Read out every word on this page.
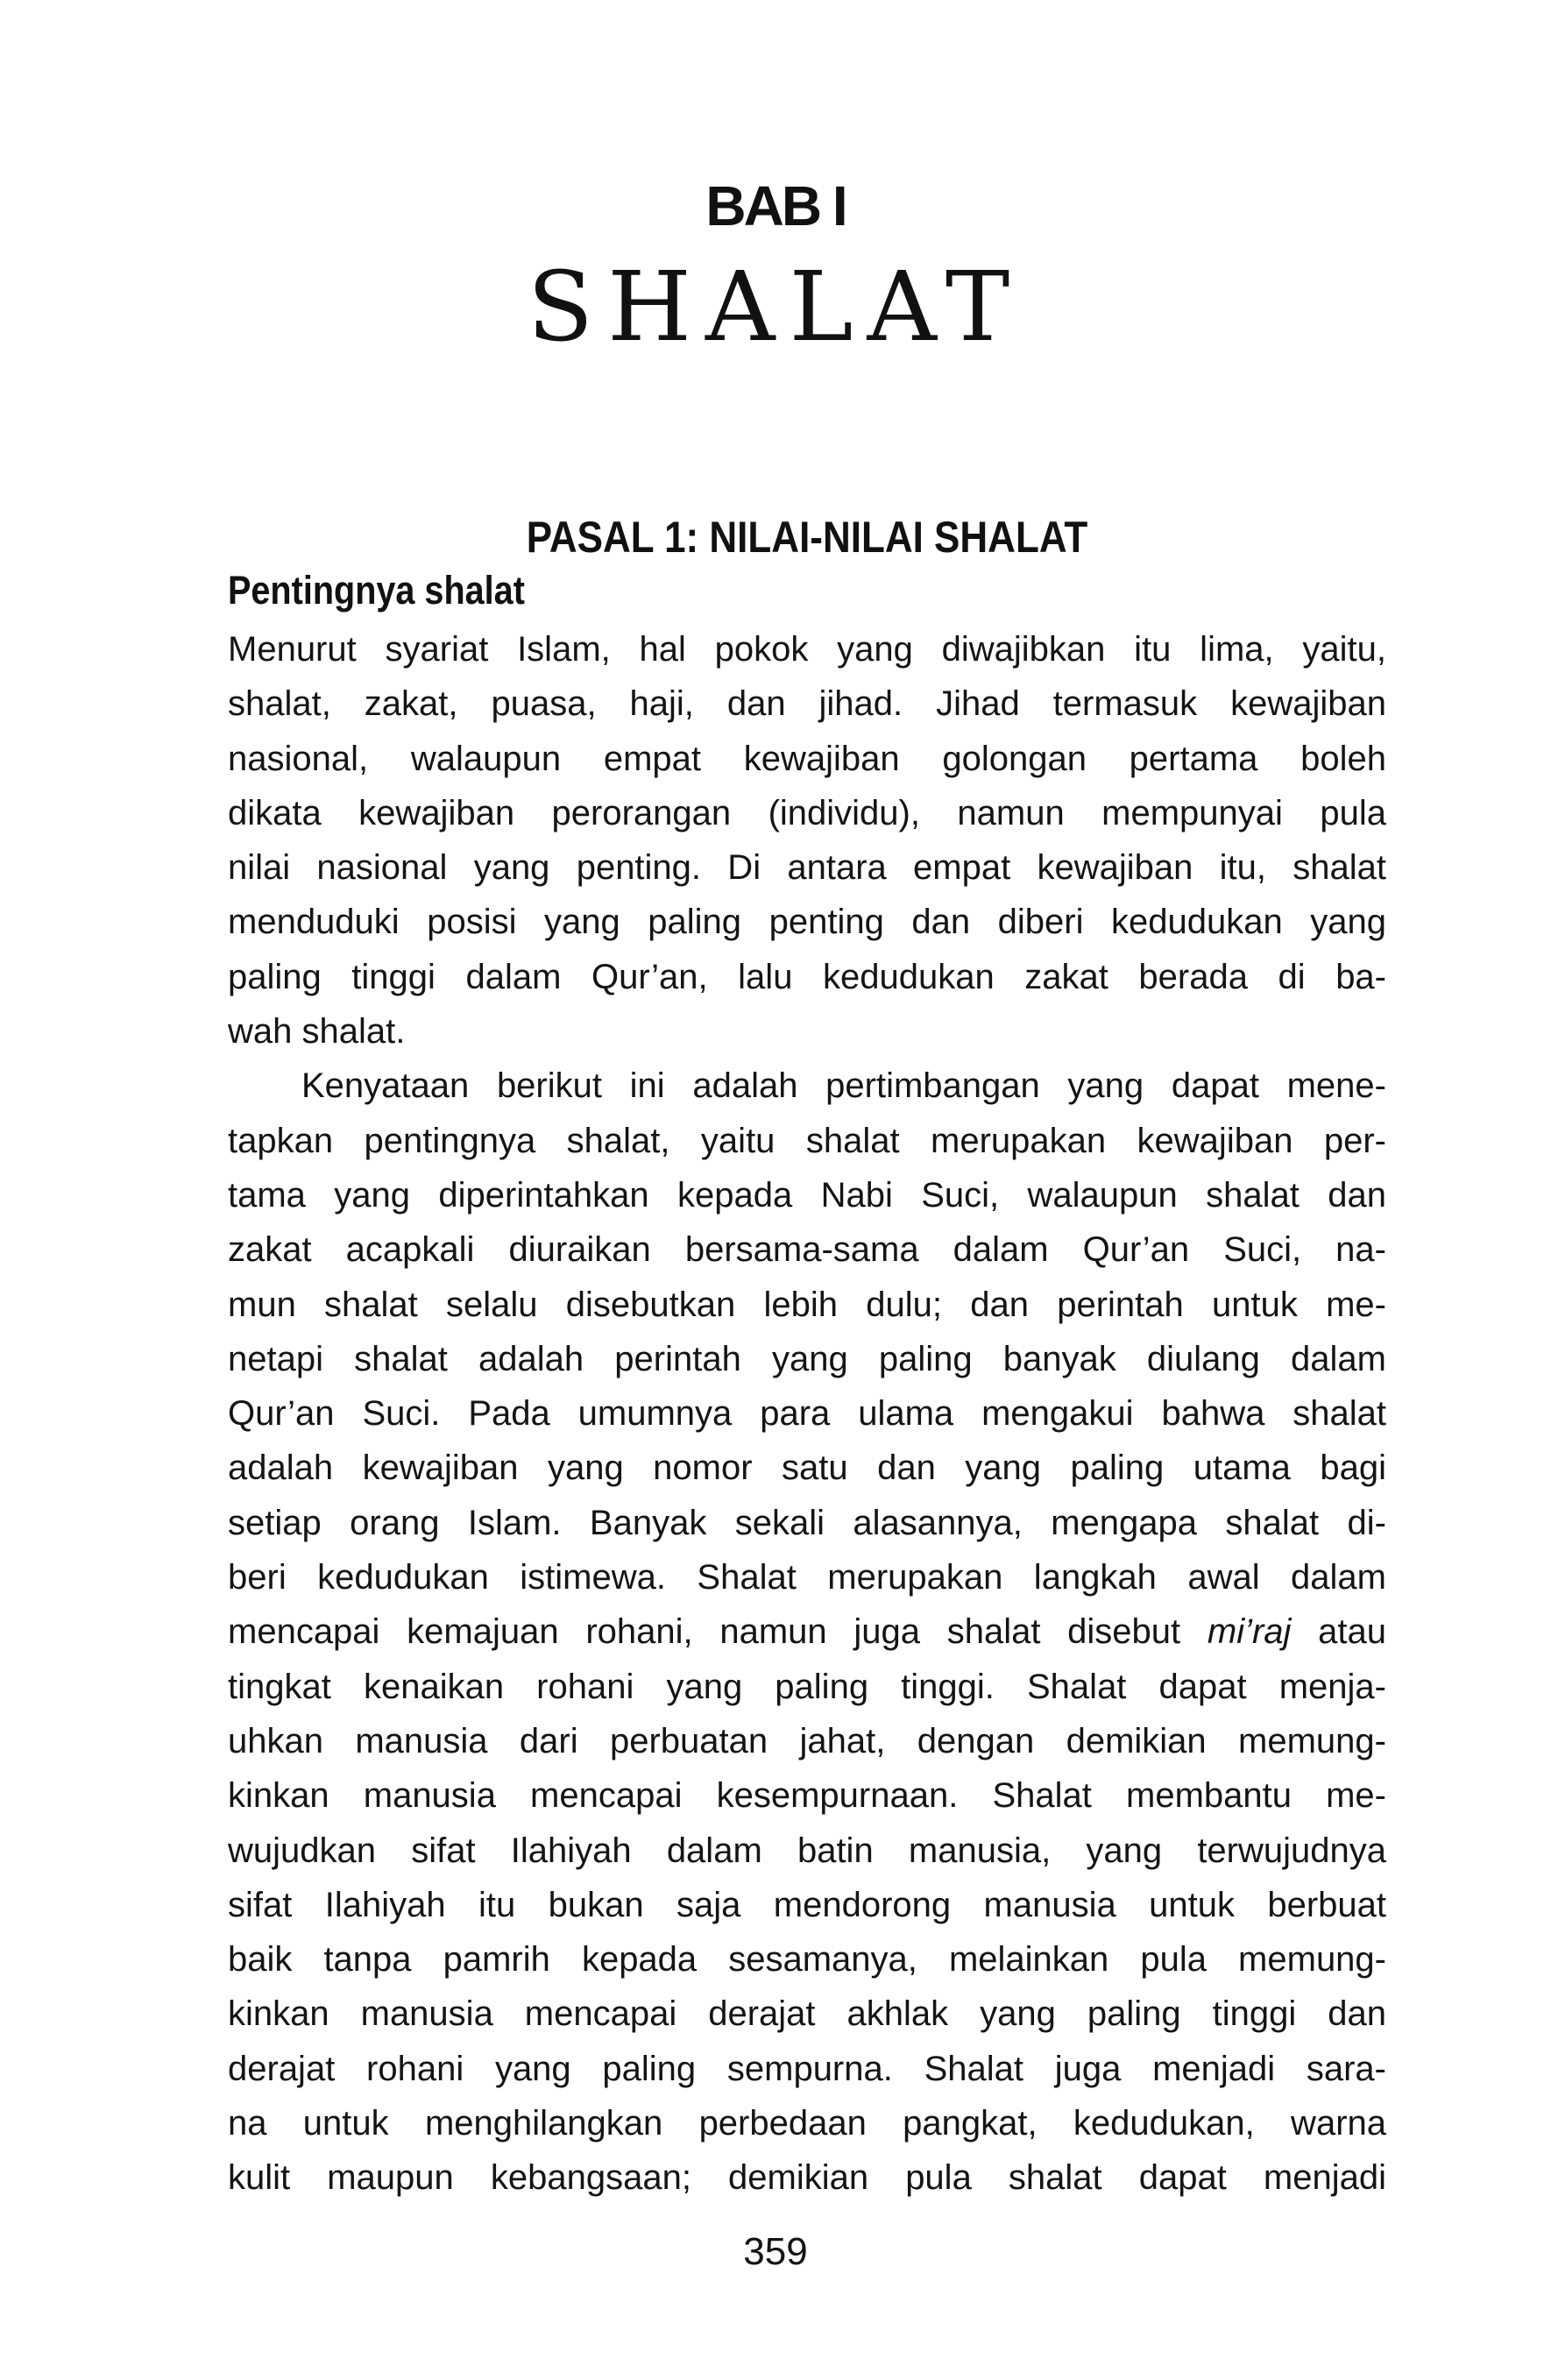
BAB I
SHALAT
PASAL 1: NILAI-NILAI SHALAT
Pentingnya shalat
Menurut syariat Islam, hal pokok yang diwajibkan itu lima, yaitu,
shalat, zakat, puasa, haji, dan jihad. Jihad termasuk kewajiban
nasional, walaupun empat kewajiban golongan pertama boleh
dikata kewajiban perorangan (individu), namun mempunyai pula
nilai nasional yang penting. Di antara empat kewajiban itu, shalat
menduduki posisi yang paling penting dan diberi kedudukan yang
paling tinggi dalam Qur’an, lalu kedudukan zakat berada di ba-
wah shalat.
Kenyataan berikut ini adalah pertimbangan yang dapat mene-
tapkan pentingnya shalat, yaitu shalat merupakan kewajiban per-
tama yang diperintahkan kepada Nabi Suci, walaupun shalat dan
zakat acapkali diuraikan bersama-sama dalam Qur’an Suci, na-
mun shalat selalu disebutkan lebih dulu; dan perintah untuk me-
netapi shalat adalah perintah yang paling banyak diulang dalam
Qur’an Suci. Pada umumnya para ulama mengakui bahwa shalat
adalah kewajiban yang nomor satu dan yang paling utama bagi
setiap orang Islam. Banyak sekali alasannya, mengapa shalat di-
beri kedudukan istimewa. Shalat merupakan langkah awal dalam
mencapai kemajuan rohani, namun juga shalat disebut mi’raj atau
tingkat kenaikan rohani yang paling tinggi. Shalat dapat menja-
uhkan manusia dari perbuatan jahat, dengan demikian memung-
kinkan manusia mencapai kesempurnaan. Shalat membantu me-
wujudkan sifat Ilahiyah dalam batin manusia, yang terwujudnya
sifat Ilahiyah itu bukan saja mendorong manusia untuk berbuat
baik tanpa pamrih kepada sesamanya, melainkan pula memung-
kinkan manusia mencapai derajat akhlak yang paling tinggi dan
derajat rohani yang paling sempurna. Shalat juga menjadi sara-
na untuk menghilangkan perbedaan pangkat, kedudukan, warna
kulit maupun kebangsaan; demikian pula shalat dapat menjadi
359
